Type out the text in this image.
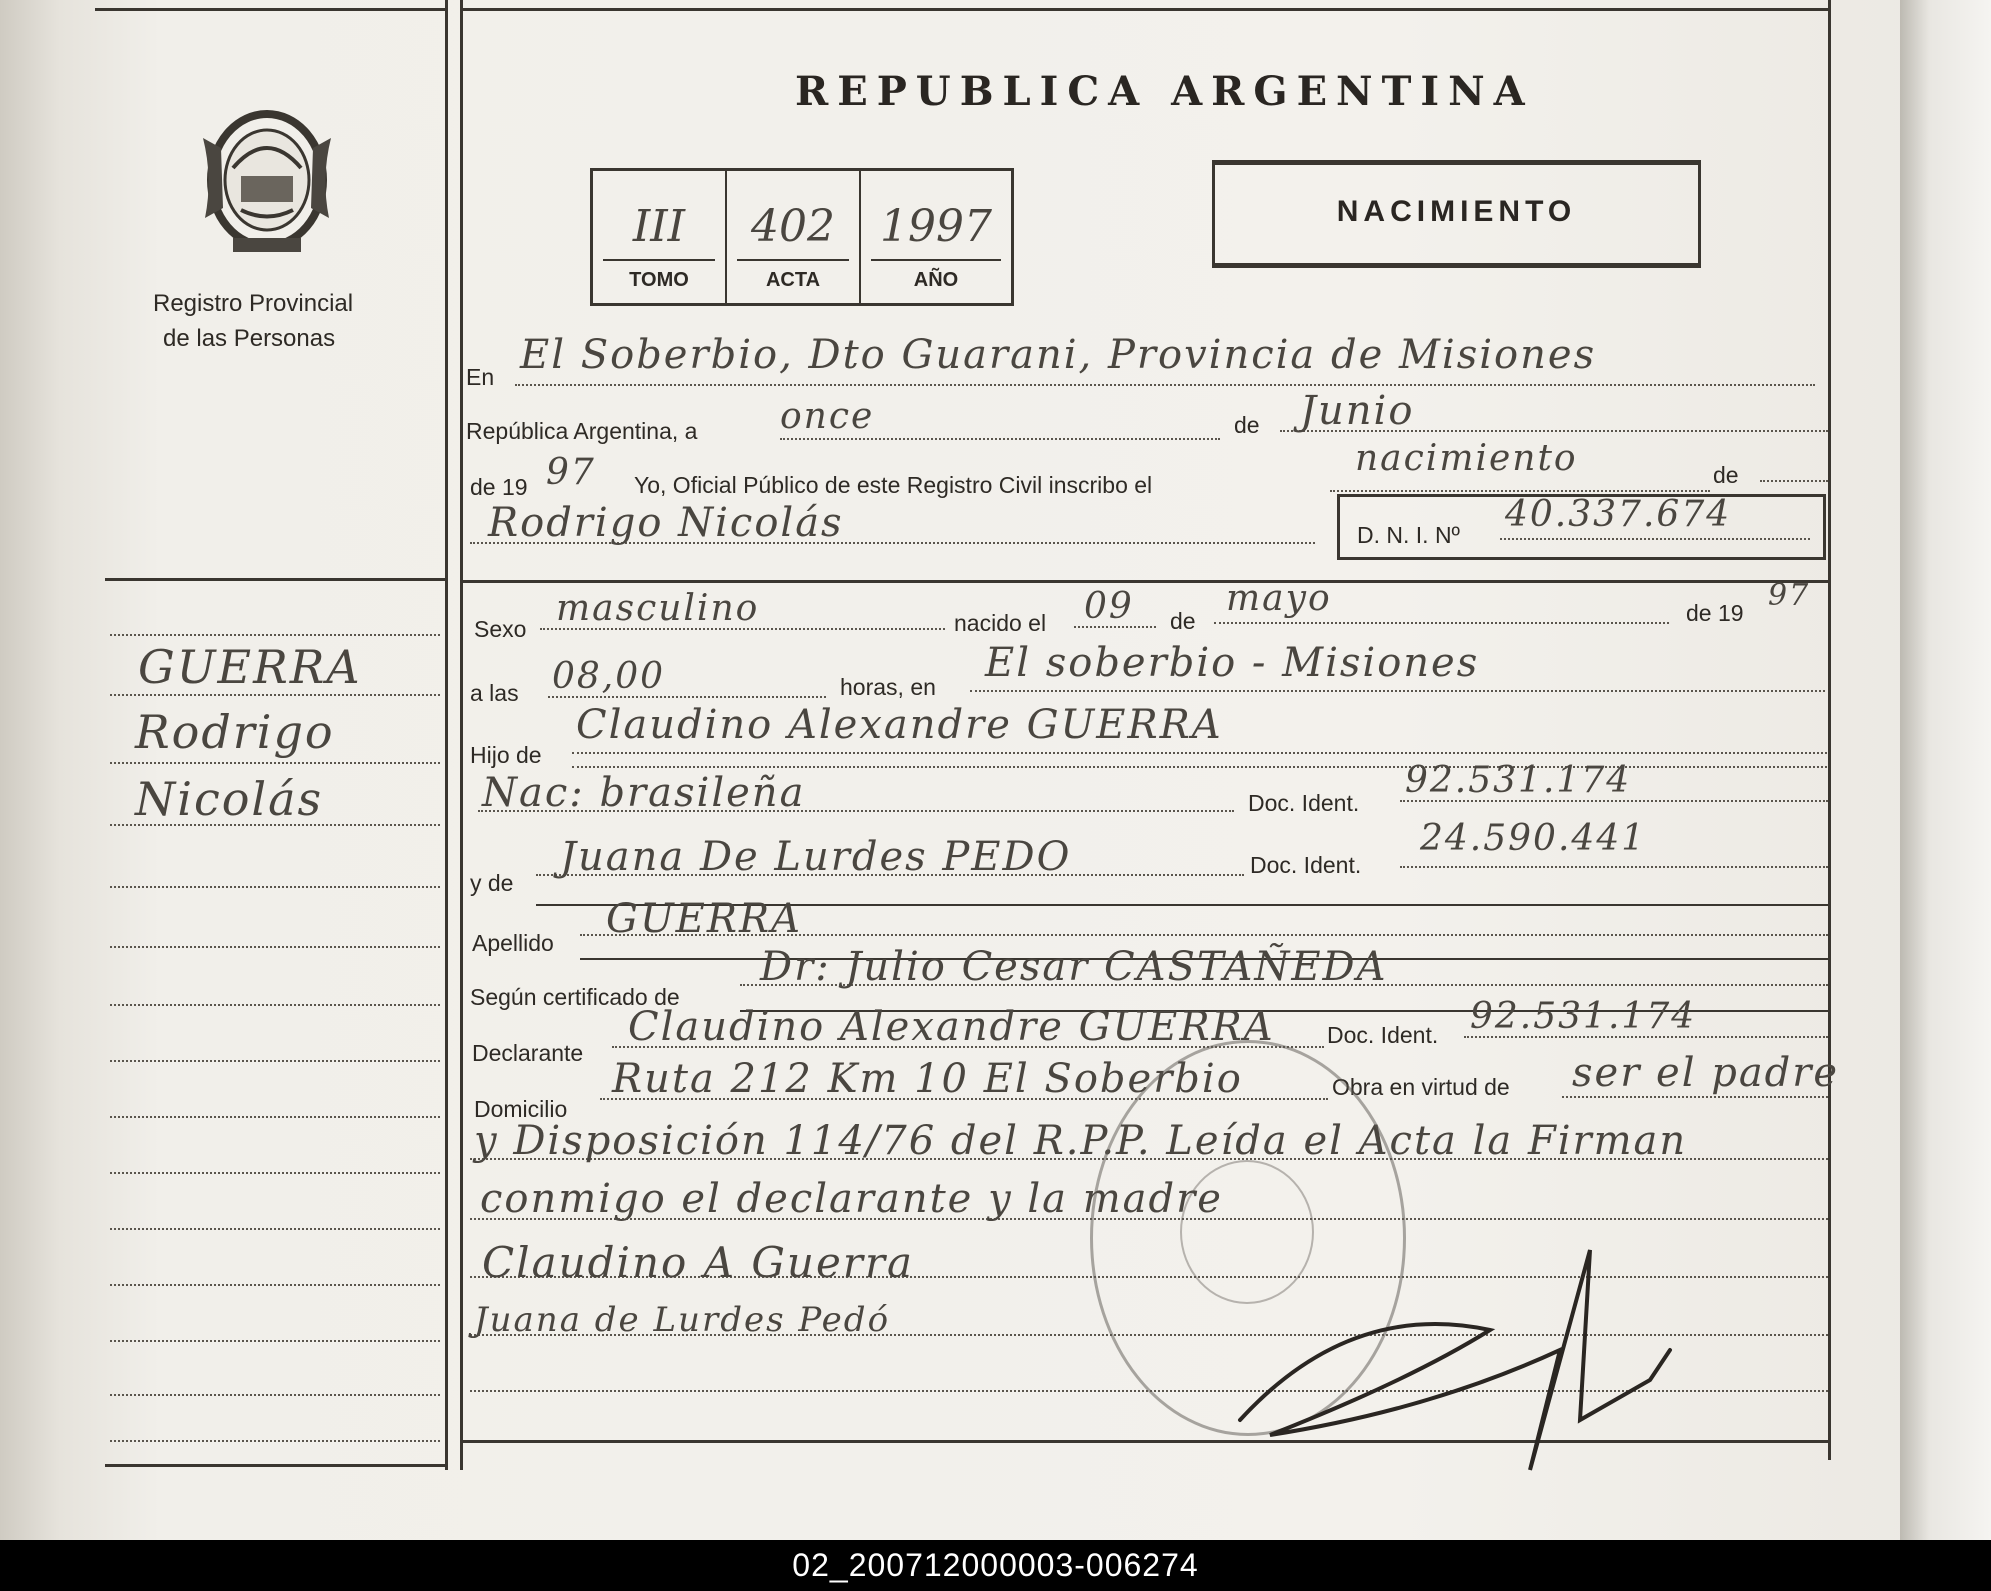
Registro Provincial
de las Personas
GUERRA
Rodrigo
Nicolás
REPUBLICA ARGENTINA
III
TOMO
402
ACTA
1997
AÑO
NACIMIENTO
En El Soberbio, Dto Guarani, Provincia de Misiones
República Argentina, a once	de Junio
de 19 97 Yo, Oficial Público de este Registro Civil inscribo el
nacimiento	de
Rodrigo Nicolás	D. N. I. Nº 40.337.674
Sexo masculino	nacido el 09 de
mayo	de 19 97
a las 08,00	horas, en
El soberbio - Misiones
Hijo de
Claudino Alexandre GUERRA
Nac: brasileña	Doc. Ident.
92.531.174
y de
Juana De Lurdes PEDO	Doc. Ident.
24.590.441
Apellido
GUERRA
Según certificado de
Dr: Julio Cesar CASTAÑEDA
Declarante
Claudino Alexandre GUERRA Doc. Ident. 92.531.174
Domicilio
Ruta 212 Km 10 El Soberbio	Obra en virtud de ser el padre
y Disposición 114/76 del R.P.P. Leída el Acta la Firman
conmigo el declarante y la madre
Claudino A Guerra
Juana de Lurdes Pedó
02_200712000003-006274
